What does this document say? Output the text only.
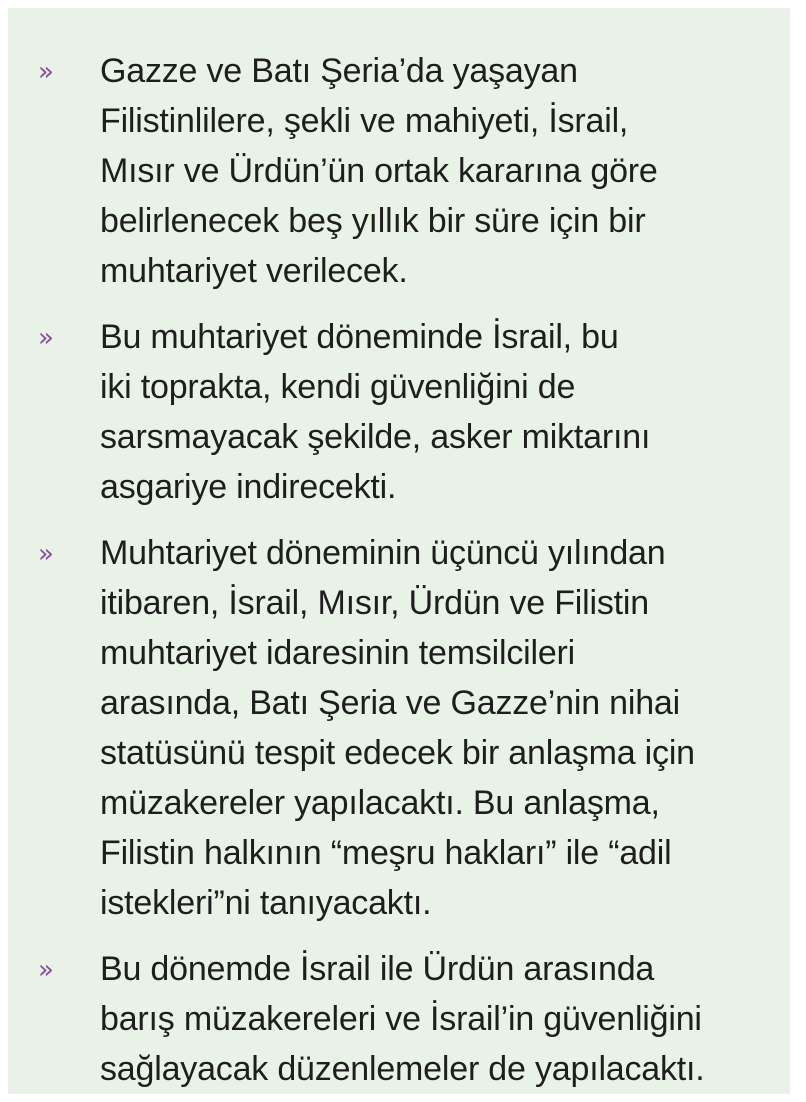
» Gazze ve Batı Şeria’da yaşayan
Filistinlilere, şekli ve mahiyeti, İsrail,
Mısır ve Ürdün’ün ortak kararına göre
belirlenecek beş yıllık bir süre için bir
muhtariyet verilecek.
» Bu muhtariyet döneminde İsrail, bu
iki toprakta, kendi güvenliğini de
sarsmayacak şekilde, asker miktarını
asgariye indirecekti.
» Muhtariyet döneminin üçüncü yılından
itibaren, İsrail, Mısır, Ürdün ve Filistin
muhtariyet idaresinin temsilcileri
arasında, Batı Şeria ve Gazze’nin nihai
statüsünü tespit edecek bir anlaşma için
müzakereler yapılacaktı. Bu anlaşma,
Filistin halkının “meşru hakları” ile “adil
istekleri”ni tanıyacaktı.
» Bu dönemde İsrail ile Ürdün arasında
barış müzakereleri ve İsrail’in güvenliğini
sağlayacak düzenlemeler de yapılacaktı.
